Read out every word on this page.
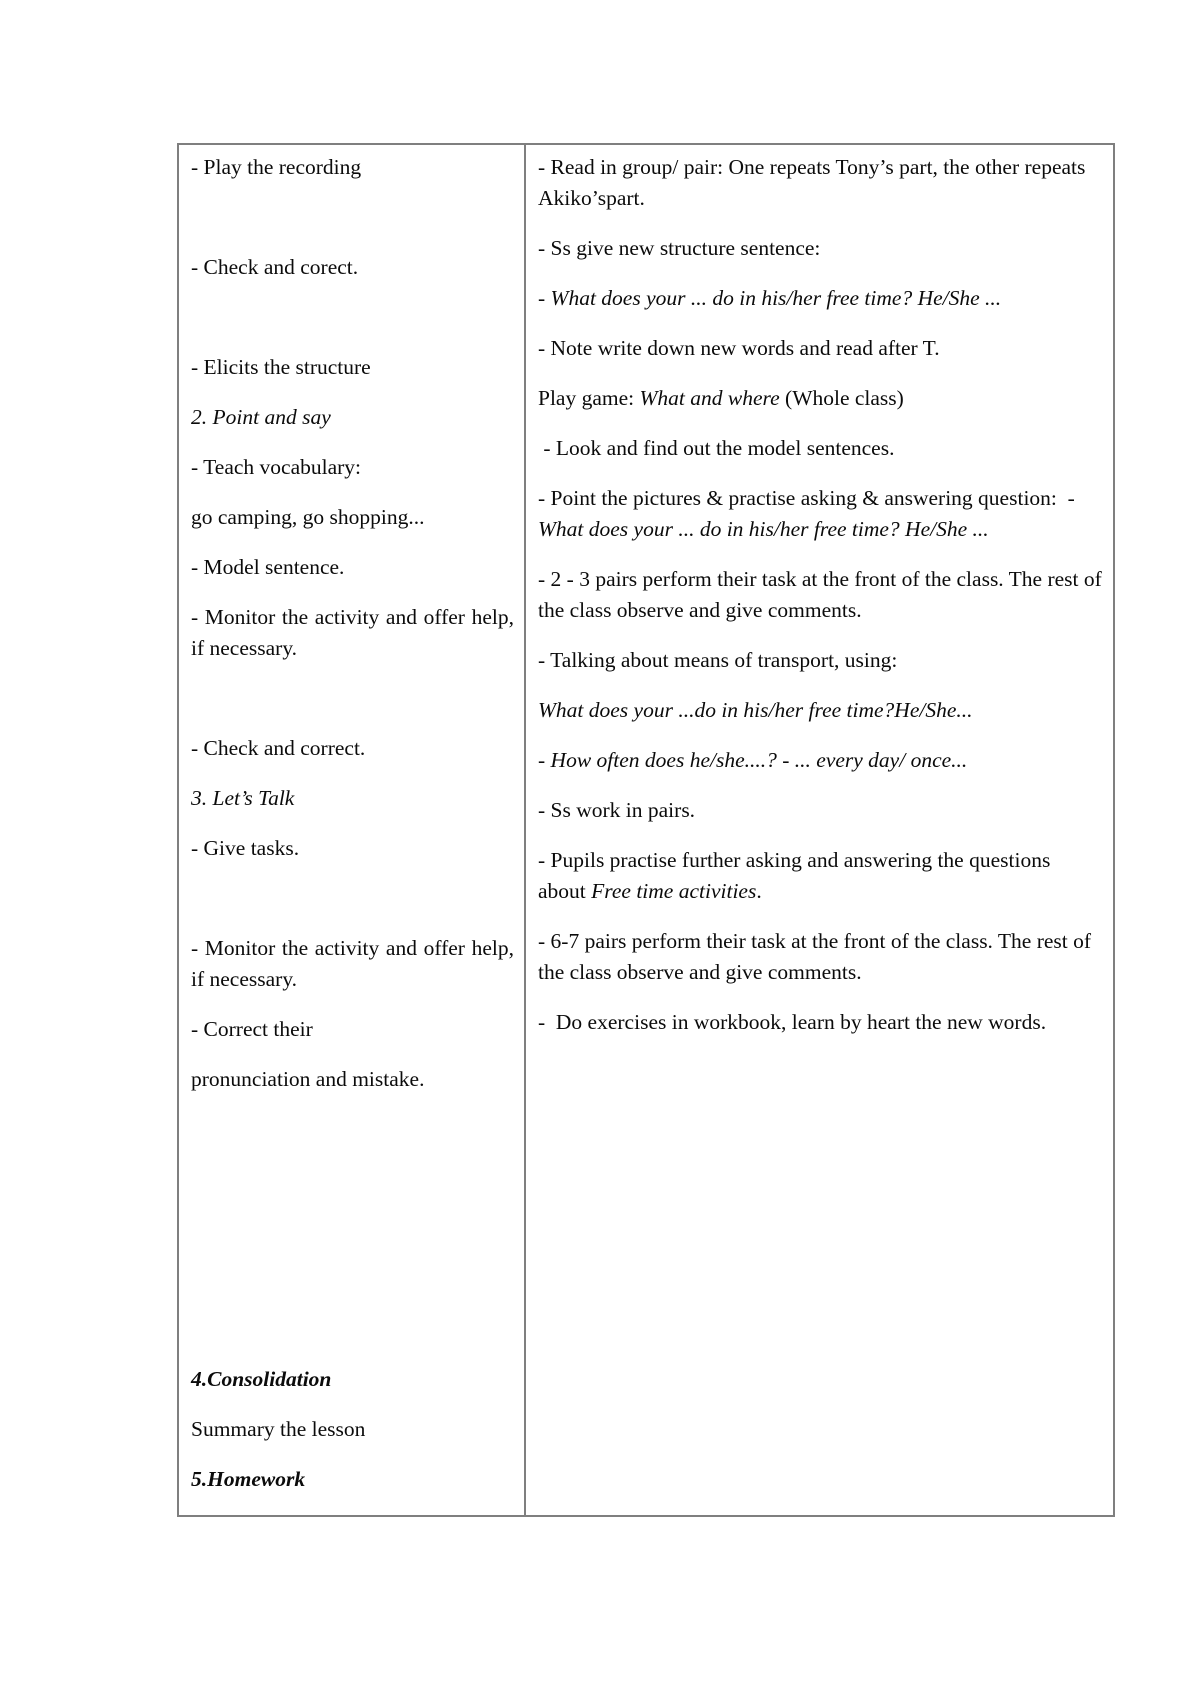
- Play the recording

- Check and corect.

- Elicits the structure
2. Point and say
- Teach vocabulary:
go camping, go shopping...
- Model sentence.
- Monitor the activity and offer help, if necessary.

- Check and correct.
3. Let’s Talk
- Give tasks.

- Monitor the activity and offer help, if necessary.
- Correct their
pronunciation and mistake.

4.Consolidation
Summary the lesson
5.Homework
- Read in group/ pair: One repeats Tony’s part, the other repeats Akiko’spart.
- Ss give new structure sentence:
- What does your ... do in his/her free time? He/She ...
- Note write down new words and read after T.
Play game: What and where (Whole class)
- Look and find out the model sentences.
- Point the pictures & practise asking & answering question:  - What does your ... do in his/her free time? He/She ...
- 2 - 3 pairs perform their task at the front of the class. The rest of the class observe and give comments.
- Talking about means of transport, using:
What does your ...do in his/her free time?He/She...
- How often does he/she....? - ... every day/ once...
- Ss work in pairs.
- Pupils practise further asking and answering the questions about Free time activities.
- 6-7 pairs perform their task at the front of the class. The rest of the class observe and give comments.
-  Do exercises in workbook, learn by heart the new words.
